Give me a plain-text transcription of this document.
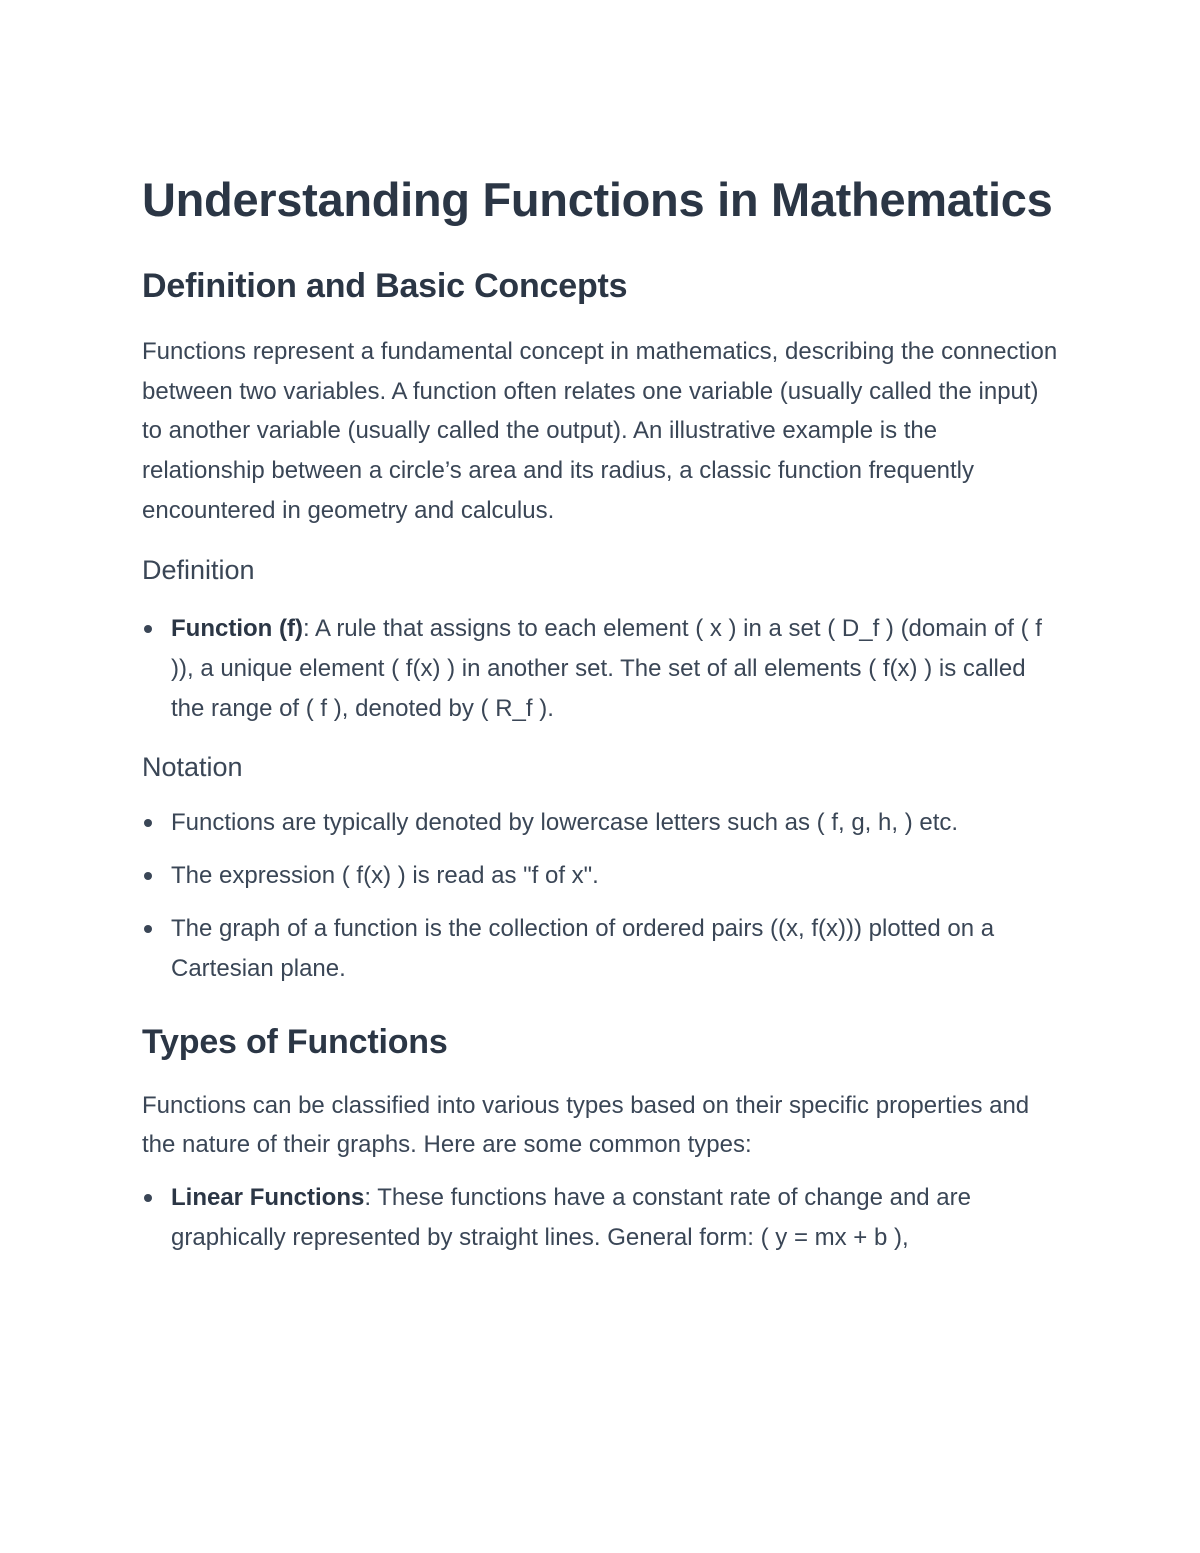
Understanding Functions in Mathematics
Definition and Basic Concepts

Functions represent a fundamental concept in mathematics, describing the connection between two variables. A function often relates one variable (usually called the input) to another variable (usually called the output). An illustrative example is the relationship between a circle’s area and its radius, a classic function frequently encountered in geometry and calculus.

Definition
Function (f): A rule that assigns to each element ( x ) in a set ( D_f ) (domain of ( f )), a unique element ( f(x) ) in another set. The set of all elements ( f(x) ) is called the range of ( f ), denoted by ( R_f ).
Notation
Functions are typically denoted by lowercase letters such as ( f, g, h, ) etc.
The expression ( f(x) ) is read as "f of x".
The graph of a function is the collection of ordered pairs ((x, f(x))) plotted on a Cartesian plane.
Types of Functions

Functions can be classified into various types based on their specific properties and the nature of their graphs. Here are some common types:

Linear Functions: These functions have a constant rate of change and are graphically represented by straight lines. General form: ( y = mx + b ),
